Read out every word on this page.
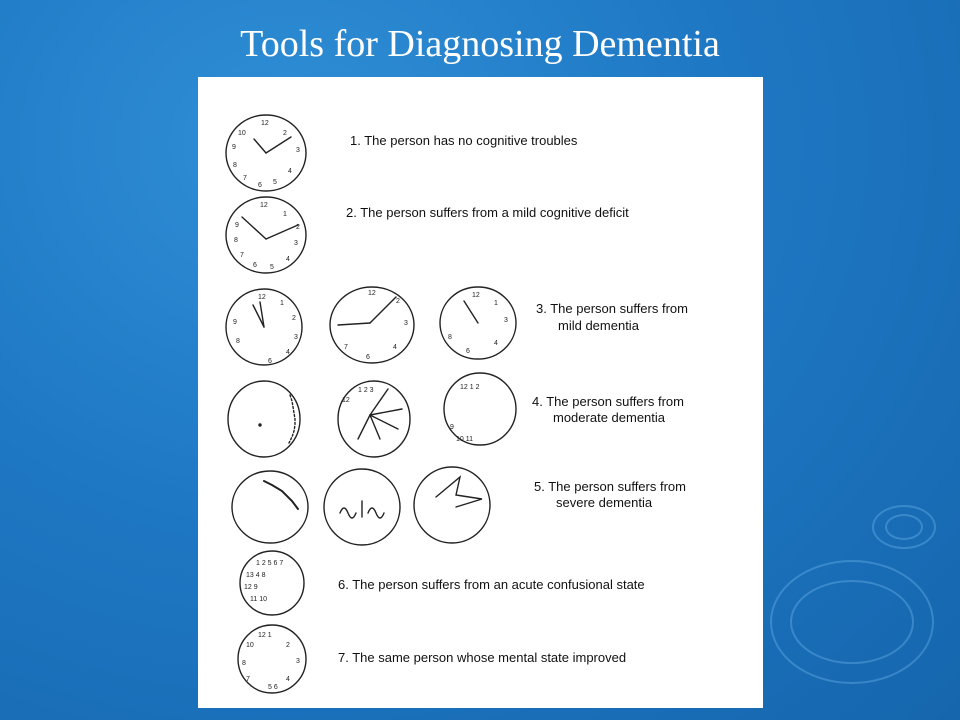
Tools for Diagnosing Dementia
12
2
3
4
5
6
7
8
9
10
12
1
2
3
4
5
6
7
8
9
12
1
2
3
4
6
8
9
12
2
3
4
6
7
12
1
3
4
6
8
1 2 3
12
12 1 2
9
10 11
1 2 5 6 7
13 4 8
12 9
11 10
12 1
2
3
4
5 6
7
8
10
1. The person has no cognitive troubles
2. The person suffers from a mild cognitive deficit
3. The person suffers from
mild dementia
4. The person suffers from
moderate dementia
5. The person suffers from
severe dementia
6. The person suffers from an acute confusional state
7. The same person whose mental state improved
